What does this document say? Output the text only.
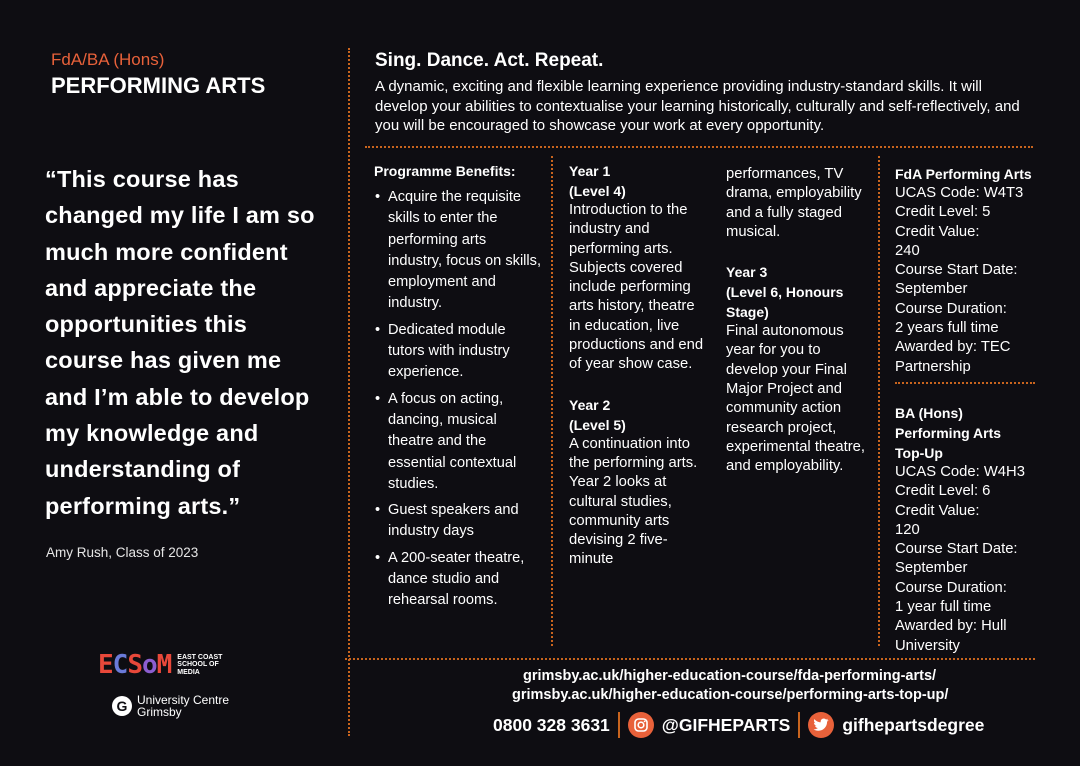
FdA/BA (Hons)
PERFORMING ARTS
“This course has changed my life I am so much more confident and appreciate the opportunities this course has given me and I’m able to develop my knowledge and understanding of performing arts.”
Amy Rush, Class of 2023
ECSoM EAST COAST SCHOOL OF MEDIA
G University Centre
Grimsby
Sing. Dance. Act. Repeat.
A dynamic, exciting and flexible learning experience providing industry-standard skills. It will develop your abilities to contextualise your learning historically, culturally and self-reflectively, and you will be encouraged to showcase your work at every opportunity.
Programme Benefits:
• Acquire the requisite skills to enter the performing arts industry, focus on skills, employment and industry.
• Dedicated module tutors with industry experience.
• A focus on acting, dancing, musical theatre and the essential contextual studies.
• Guest speakers and industry days
• A 200-seater theatre, dance studio and rehearsal rooms.
Year 1
(Level 4)
Introduction to the industry and performing arts. Subjects covered include performing arts history, theatre in education, live productions and end of year show case.
Year 2
(Level 5)
A continuation into the performing arts. Year 2 looks at cultural studies, community arts devising 2 five-minute
performances, TV drama, employability and a fully staged musical.
Year 3
(Level 6, Honours Stage)
Final autonomous year for you to develop your Final Major Project and community action research project, experimental theatre, and employability.
FdA Performing Arts
UCAS Code: W4T3
Credit Level: 5
Credit Value:
240
Course Start Date:
September
Course Duration:
2 years full time
Awarded by: TEC Partnership
BA (Hons)
Performing Arts
Top-Up
UCAS Code: W4H3
Credit Level: 6
Credit Value:
120
Course Start Date:
September
Course Duration:
1 year full time
Awarded by: Hull University
grimsby.ac.uk/higher-education-course/fda-performing-arts/
grimsby.ac.uk/higher-education-course/performing-arts-top-up/
0800 328 3631	@GIFHEPARTS	gifhepartsdegree
